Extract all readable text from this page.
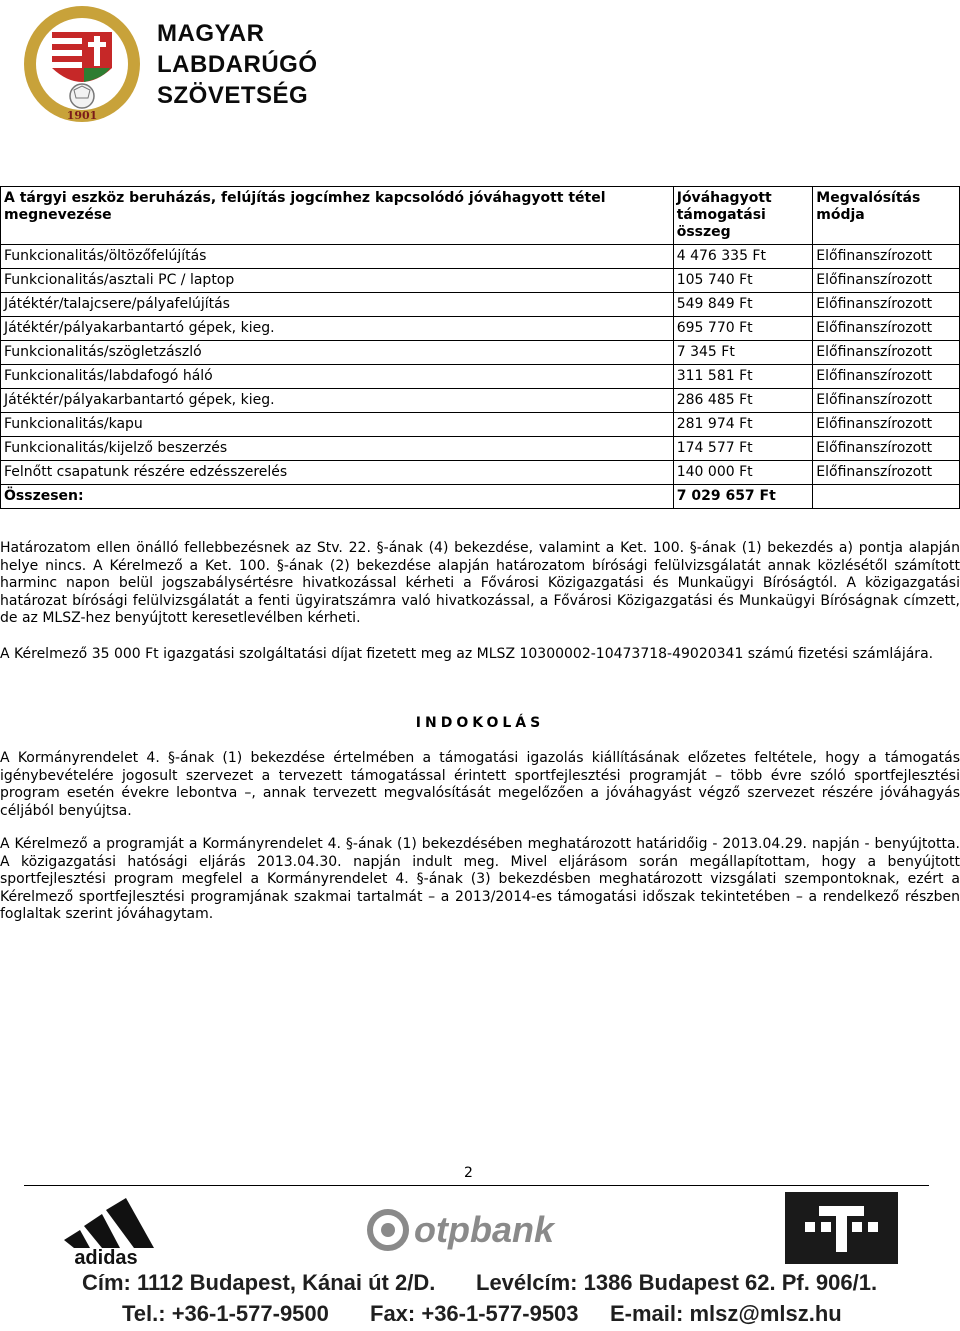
1901
MAGYAR
LABDARÚGÓ
SZÖVETSÉG
A tárgyi eszköz beruházás, felújítás jogcímhez kapcsolódó jóváhagyott tétel megnevezése	Jóváhagyott támogatási összeg	Megvalósítás módja
Funkcionalitás/öltözőfelújítás	4 476 335 Ft	Előfinanszírozott
Funkcionalitás/asztali PC / laptop	105 740 Ft	Előfinanszírozott
Játéktér/talajcsere/pályafelújítás	549 849 Ft	Előfinanszírozott
Játéktér/pályakarbantartó gépek, kieg.	695 770 Ft	Előfinanszírozott
Funkcionalitás/szögletzászló	7 345 Ft	Előfinanszírozott
Funkcionalitás/labdafogó háló	311 581 Ft	Előfinanszírozott
Játéktér/pályakarbantartó gépek, kieg.	286 485 Ft	Előfinanszírozott
Funkcionalitás/kapu	281 974 Ft	Előfinanszírozott
Funkcionalitás/kijelző beszerzés	174 577 Ft	Előfinanszírozott
Felnőtt csapatunk részére edzésszerelés	140 000 Ft	Előfinanszírozott
Összesen:	7 029 657 Ft	
Határozatom ellen önálló fellebbezésnek az Stv. 22. §-ának (4) bekezdése, valamint a Ket. 100. §-ának (1) bekezdés a) pontja alapján helye nincs. A Kérelmező a Ket. 100. §-ának (2) bekezdése alapján határozatom bírósági felülvizsgálatát annak közlésétől számított harminc napon belül jogszabálysértésre hivatkozással kérheti a Fővárosi Közigazgatási és Munkaügyi Bíróságtól. A közigazgatási határozat bírósági felülvizsgálatát a fenti ügyiratszámra való hivatkozással, a Fővárosi Közigazgatási és Munkaügyi Bíróságnak címzett, de az MLSZ-hez benyújtott keresetlevélben kérheti.
A Kérelmező 35 000 Ft igazgatási szolgáltatási díjat fizetett meg az MLSZ 10300002-10473718-49020341 számú fizetési számlájára.
INDOKOLÁS
A Kormányrendelet 4. §-ának (1) bekezdése értelmében a támogatási igazolás kiállításának előzetes feltétele, hogy a támogatás igénybevételére jogosult szervezet a tervezett támogatással érintett sportfejlesztési programját – több évre szóló sportfejlesztési program esetén évekre lebontva –, annak tervezett megvalósítását megelőzően a jóváhagyást végző szervezet részére jóváhagyás céljából benyújtsa.
A Kérelmező a programját a Kormányrendelet 4. §-ának (1) bekezdésében meghatározott határidőig - 2013.04.29. napján - benyújtotta. A közigazgatási hatósági eljárás 2013.04.30. napján indult meg. Mivel eljárásom során megállapítottam, hogy a benyújtott sportfejlesztési program megfelel a Kormányrendelet 4. §-ának (3) bekezdésben meghatározott vizsgálati szempontoknak, ezért a Kérelmező sportfejlesztési programjának szakmai tartalmát – a 2013/2014-es támogatási időszak tekintetében – a rendelkező részben foglaltak szerint jóváhagytam.
2
adidas
otpbank
Cím: 1112 Budapest, Kánai út 2/D. Levélcím: 1386 Budapest 62. Pf. 906/1.
Tel.: +36-1-577-9500 Fax: +36-1-577-9503 E-mail: mlsz@mlsz.hu
